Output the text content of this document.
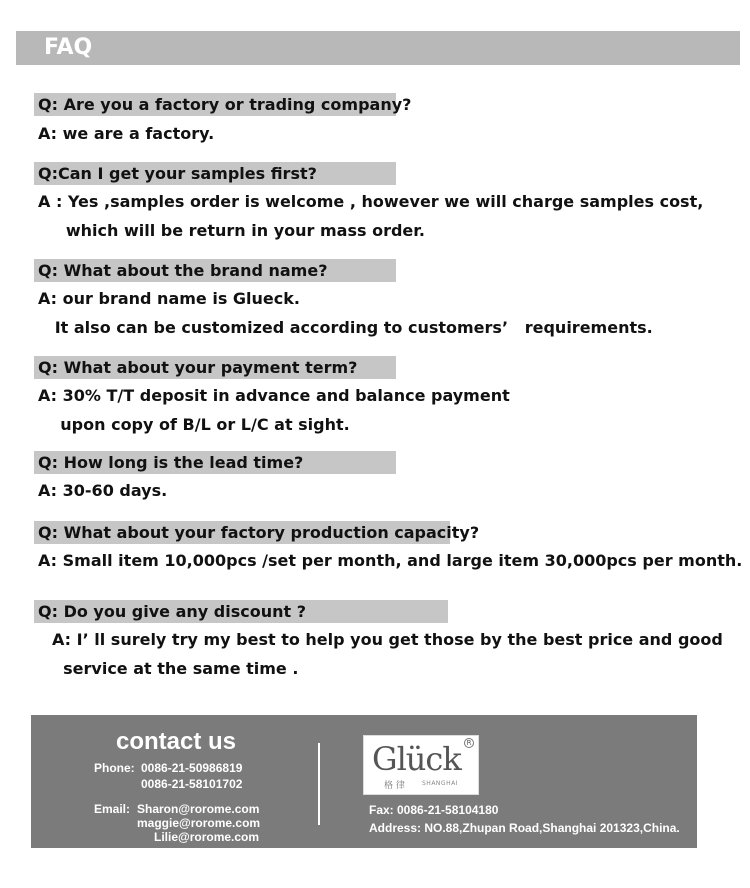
FAQ
Q: Are you a factory or trading company?
A: we are a factory.
Q:Can I get your samples first?
A : Yes ,samples order is welcome , however we will charge samples cost,
which will be return in your mass order.
Q: What about the brand name?
A: our brand name is Glueck.
It also can be customized according to customers’   requirements.
Q: What about your payment term?
A: 30% T/T deposit in advance and balance payment
upon copy of B/L or L/C at sight.
Q: How long is the lead time?
A: 30-60 days.
Q: What about your factory production capacity?
A: Small item 10,000pcs /set per month, and large item 30,000pcs per month.
Q: Do you give any discount ?
A: I’ ll surely try my best to help you get those by the best price and good
service at the same time .
contact us
Phone: 0086-21-50986819
0086-21-58101702
Email: Sharon@rorome.com
maggie@rorome.com
Lilie@rorome.com
Glück R
格 律	SHANGHAI
Fax: 0086-21-58104180
Address: NO.88,Zhupan Road,Shanghai 201323,China.
